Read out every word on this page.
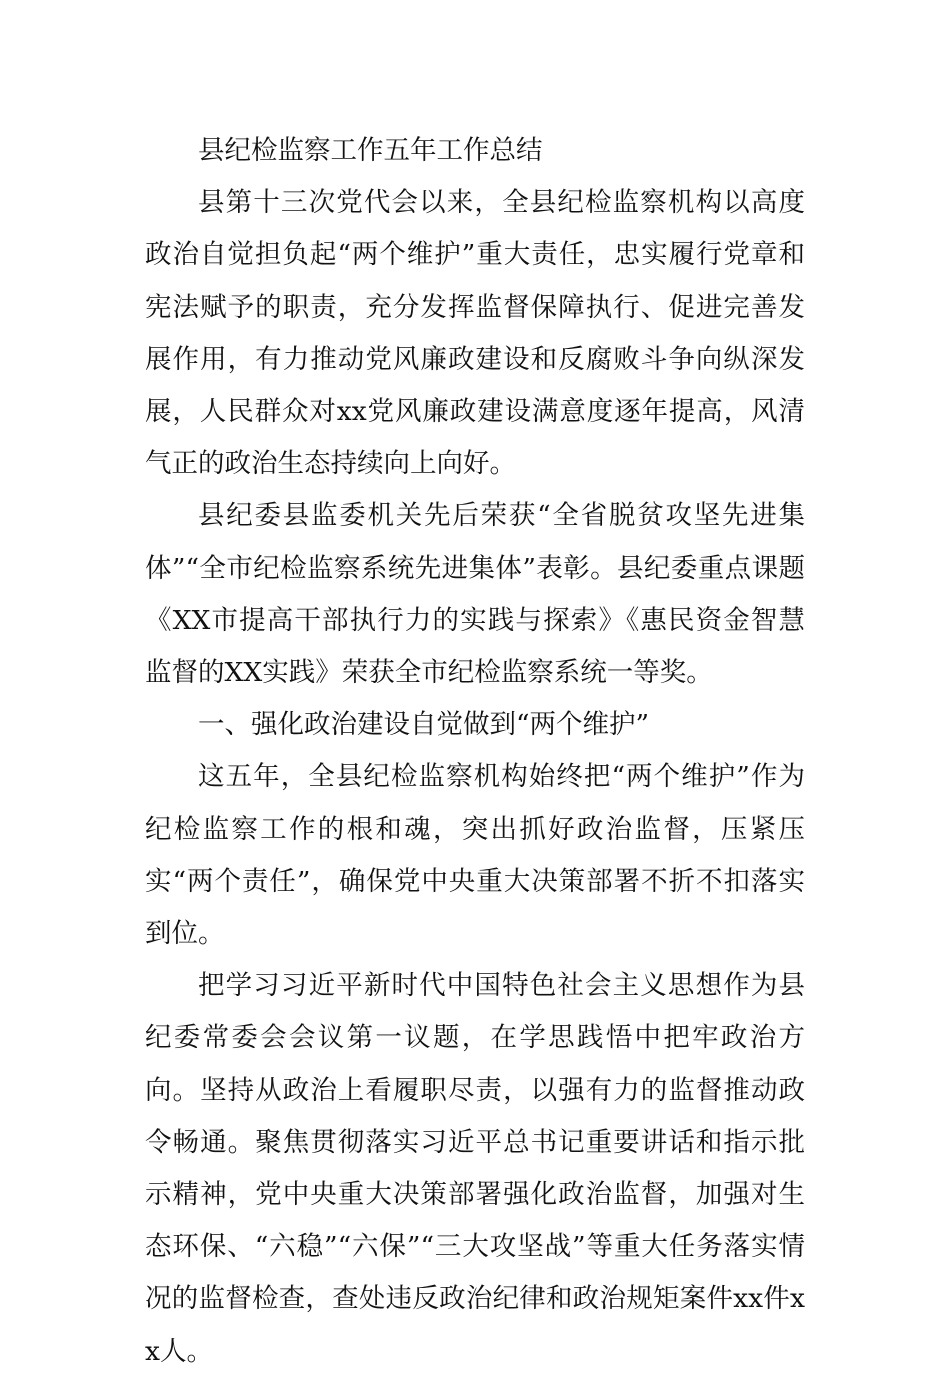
县纪检监察工作五年工作总结

县第十三次党代会以来，全县纪检监察机构以高度政治自觉担负起“两个维护”重大责任，忠实履行党章和宪法赋予的职责，充分发挥监督保障执行、促进完善发展作用，有力推动党风廉政建设和反腐败斗争向纵深发展，人民群众对xx党风廉政建设满意度逐年提高，风清气正的政治生态持续向上向好。

县纪委县监委机关先后荣获“全省脱贫攻坚先进集体”“全市纪检监察系统先进集体”表彰。县纪委重点课题《XX市提高干部执行力的实践与探索》《惠民资金智慧监督的XX实践》荣获全市纪检监察系统一等奖。

一、强化政治建设自觉做到“两个维护”

这五年，全县纪检监察机构始终把“两个维护”作为纪检监察工作的根和魂，突出抓好政治监督，压紧压实“两个责任”，确保党中央重大决策部署不折不扣落实到位。

把学习习近平新时代中国特色社会主义思想作为县纪委常委会会议第一议题，在学思践悟中把牢政治方向。坚持从政治上看履职尽责，以强有力的监督推动政令畅通。聚焦贯彻落实习近平总书记重要讲话和指示批示精神，党中央重大决策部署强化政治监督，加强对生态环保、“六稳”“六保”“三大攻坚战”等重大任务落实情况的监督检查，查处违反政治纪律和政治规矩案件xx件xx人。
